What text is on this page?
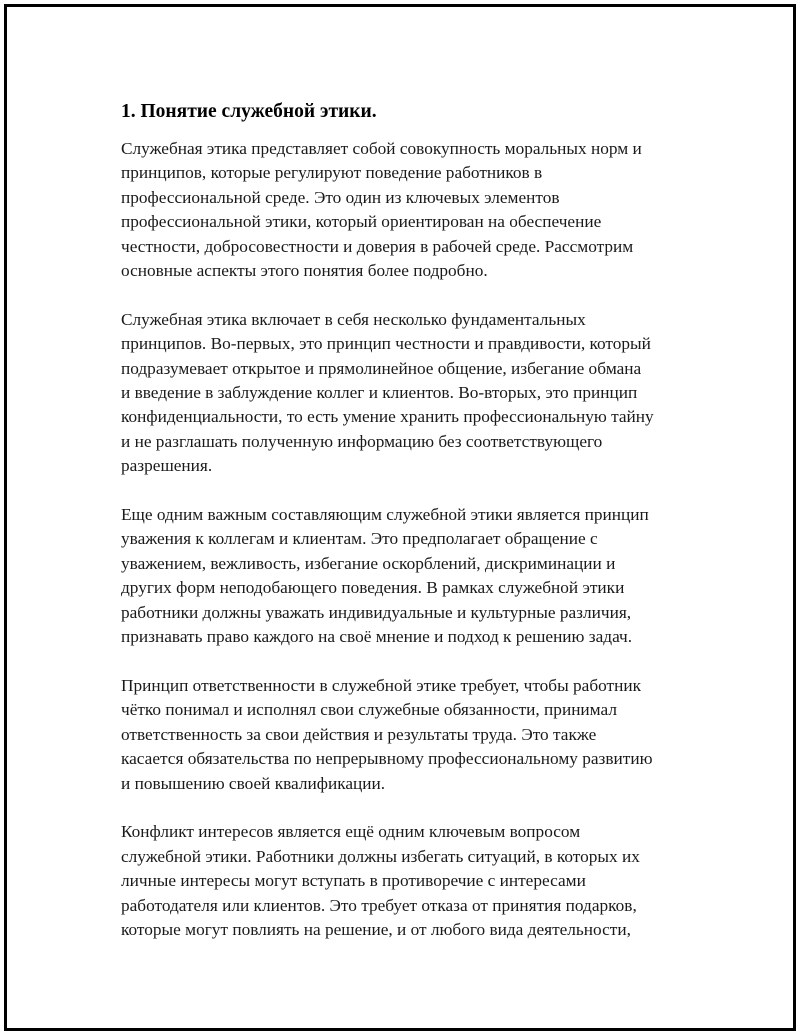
1. Понятие служебной этики.

Служебная этика представляет собой совокупность моральных норм и
принципов, которые регулируют поведение работников в
профессиональной среде. Это один из ключевых элементов
профессиональной этики, который ориентирован на обеспечение
честности, добросовестности и доверия в рабочей среде. Рассмотрим
основные аспекты этого понятия более подробно.

Служебная этика включает в себя несколько фундаментальных
принципов. Во-первых, это принцип честности и правдивости, который
подразумевает открытое и прямолинейное общение, избегание обмана
и введение в заблуждение коллег и клиентов. Во-вторых, это принцип
конфиденциальности, то есть умение хранить профессиональную тайну
и не разглашать полученную информацию без соответствующего
разрешения.

Еще одним важным составляющим служебной этики является принцип
уважения к коллегам и клиентам. Это предполагает обращение с
уважением, вежливость, избегание оскорблений, дискриминации и
других форм неподобающего поведения. В рамках служебной этики
работники должны уважать индивидуальные и культурные различия,
признавать право каждого на своё мнение и подход к решению задач.

Принцип ответственности в служебной этике требует, чтобы работник
чётко понимал и исполнял свои служебные обязанности, принимал
ответственность за свои действия и результаты труда. Это также
касается обязательства по непрерывному профессиональному развитию
и повышению своей квалификации.

Конфликт интересов является ещё одним ключевым вопросом
служебной этики. Работники должны избегать ситуаций, в которых их
личные интересы могут вступать в противоречие с интересами
работодателя или клиентов. Это требует отказа от принятия подарков,
которые могут повлиять на решение, и от любого вида деятельности,
